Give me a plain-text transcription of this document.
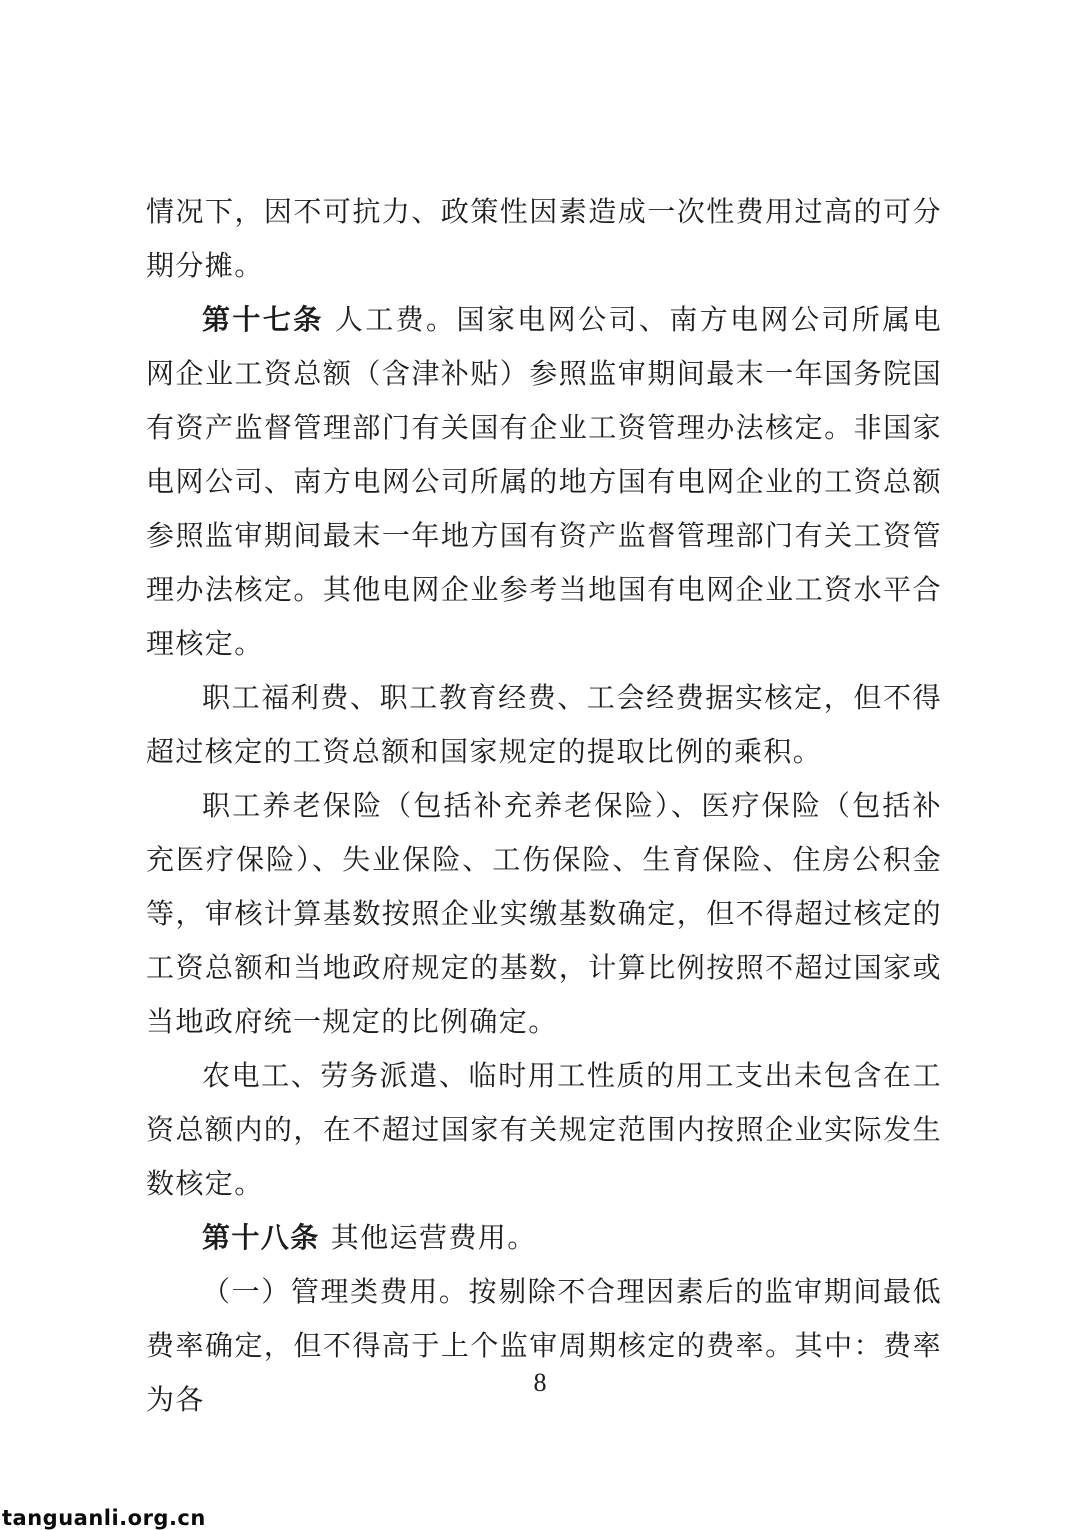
情况下，因不可抗力、政策性因素造成一次性费用过高的可分期分摊。

第十七条 人工费。国家电网公司、南方电网公司所属电网企业工资总额（含津补贴）参照监审期间最末一年国务院国有资产监督管理部门有关国有企业工资管理办法核定。非国家电网公司、南方电网公司所属的地方国有电网企业的工资总额参照监审期间最末一年地方国有资产监督管理部门有关工资管理办法核定。其他电网企业参考当地国有电网企业工资水平合理核定。

职工福利费、职工教育经费、工会经费据实核定，但不得超过核定的工资总额和国家规定的提取比例的乘积。

职工养老保险（包括补充养老保险）、医疗保险（包括补充医疗保险）、失业保险、工伤保险、生育保险、住房公积金等，审核计算基数按照企业实缴基数确定，但不得超过核定的工资总额和当地政府规定的基数，计算比例按照不超过国家或当地政府统一规定的比例确定。

农电工、劳务派遣、临时用工性质的用工支出未包含在工资总额内的，在不超过国家有关规定范围内按照企业实际发生数核定。

第十八条 其他运营费用。

（一）管理类费用。按剔除不合理因素后的监审期间最低费率确定，但不得高于上个监审周期核定的费率。其中：费率为各

8
tanguanli.org.cn
